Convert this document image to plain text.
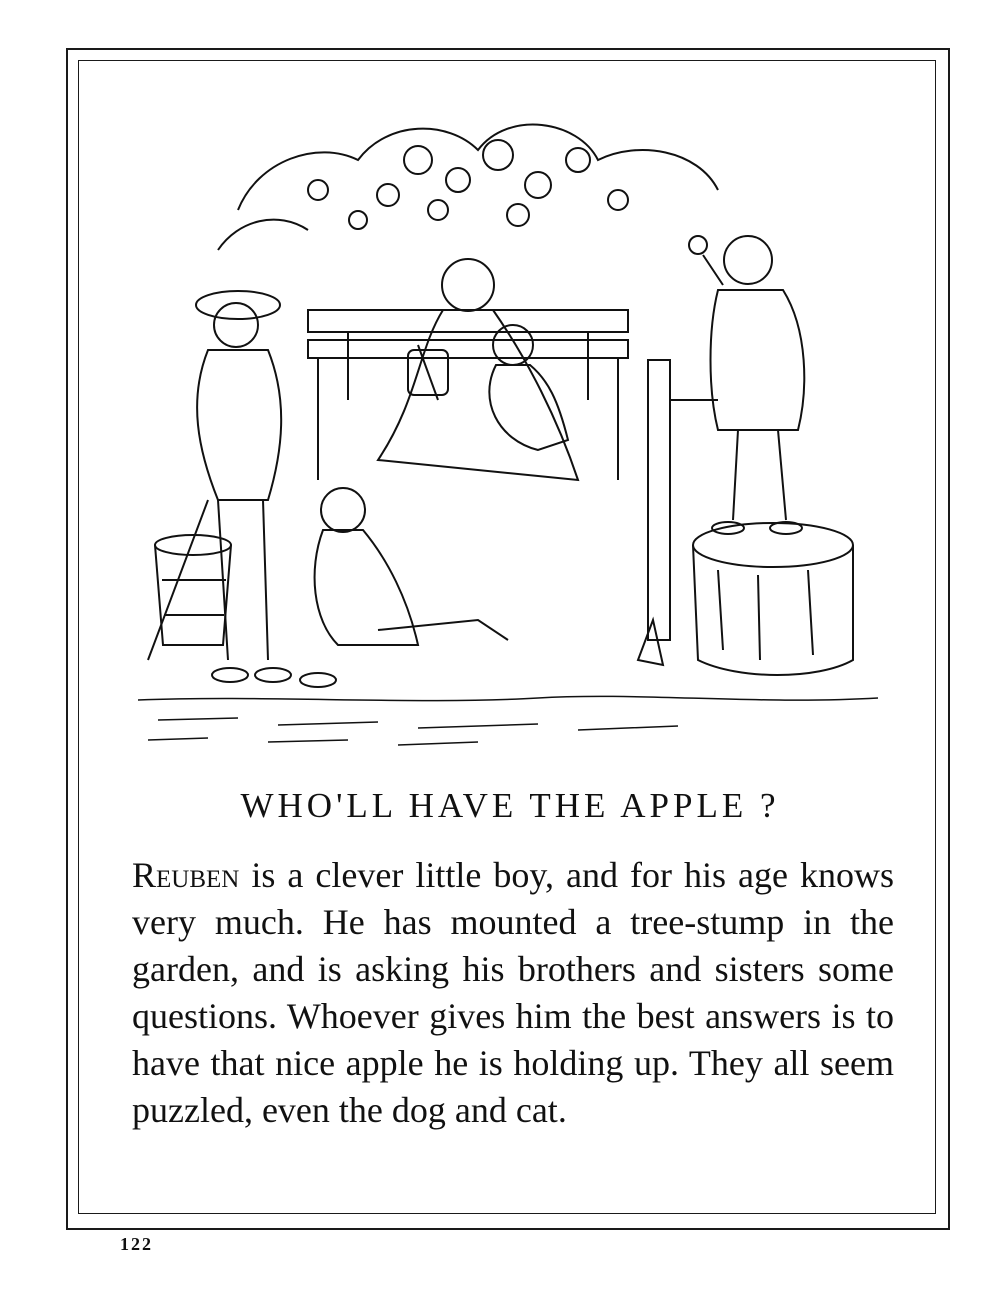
WHO'LL HAVE THE APPLE ?

Reuben is a clever little boy, and for his age knows very much. He has mounted a tree-stump in the garden, and is asking his brothers and sisters some questions. Whoever gives him the best answers is to have that nice apple he is holding up. They all seem puzzled, even the dog and cat.

122
